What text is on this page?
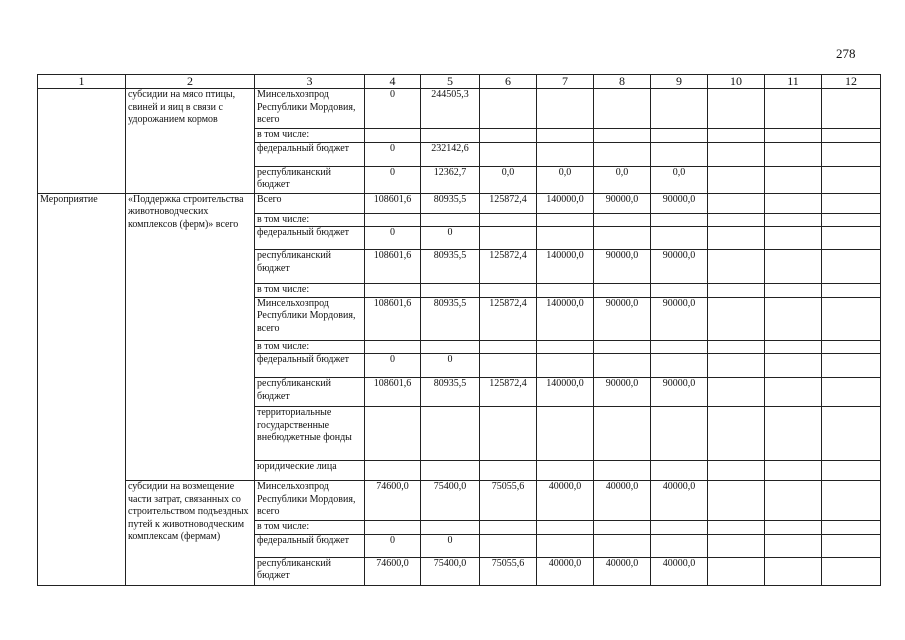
278
1	2	3	4	5	6	7	8	9	10	11	12
	субсидии на мясо птицы, свиней и яиц в связи с удорожанием кормов	Минсельхозпрод Республики Мордовия, всего	0	244505,3							
		в том числе:									
		федеральный бюджет	0	232142,6							
		республиканский бюджет	0	12362,7	0,0	0,0	0,0	0,0			
Мероприятие	«Поддержка строительства животноводческих комплексов (ферм)» всего	Всего	108601,6	80935,5	125872,4	140000,0	90000,0	90000,0			
		в том числе:									
		федеральный бюджет	0	0							
		республиканский бюджет	108601,6	80935,5	125872,4	140000,0	90000,0	90000,0			
		в том числе:									
		Минсельхозпрод Республики Мордовия, всего	108601,6	80935,5	125872,4	140000,0	90000,0	90000,0			
		в том числе:									
		федеральный бюджет	0	0							
		республиканский бюджет	108601,6	80935,5	125872,4	140000,0	90000,0	90000,0			
		территориальные государственные внебюджетные фонды									
		юридические лица									
	субсидии на возмещение части затрат, связанных со строительством подъездных путей к животноводческим комплексам (фермам)	Минсельхозпрод Республики Мордовия, всего	74600,0	75400,0	75055,6	40000,0	40000,0	40000,0			
		в том числе:									
		федеральный бюджет	0	0							
		республиканский бюджет	74600,0	75400,0	75055,6	40000,0	40000,0	40000,0			
